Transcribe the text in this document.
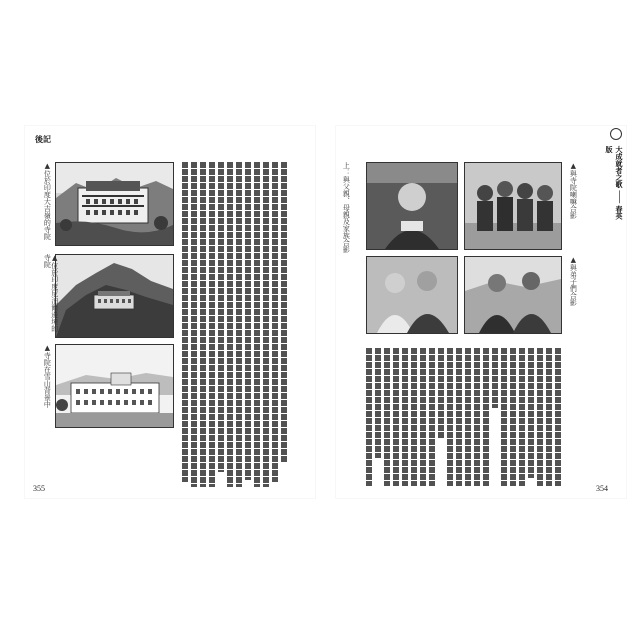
後記
▲位於印度大吉嶺的寺院
▲位於印度尼泊爾邊境的寺院
▲寺院在雪山背景中
355
大成就者之歌 ─── 春英版
上：與父親、母親及家族合影	▲與寺院喇嘛合影
▲與弟子們合影
354
